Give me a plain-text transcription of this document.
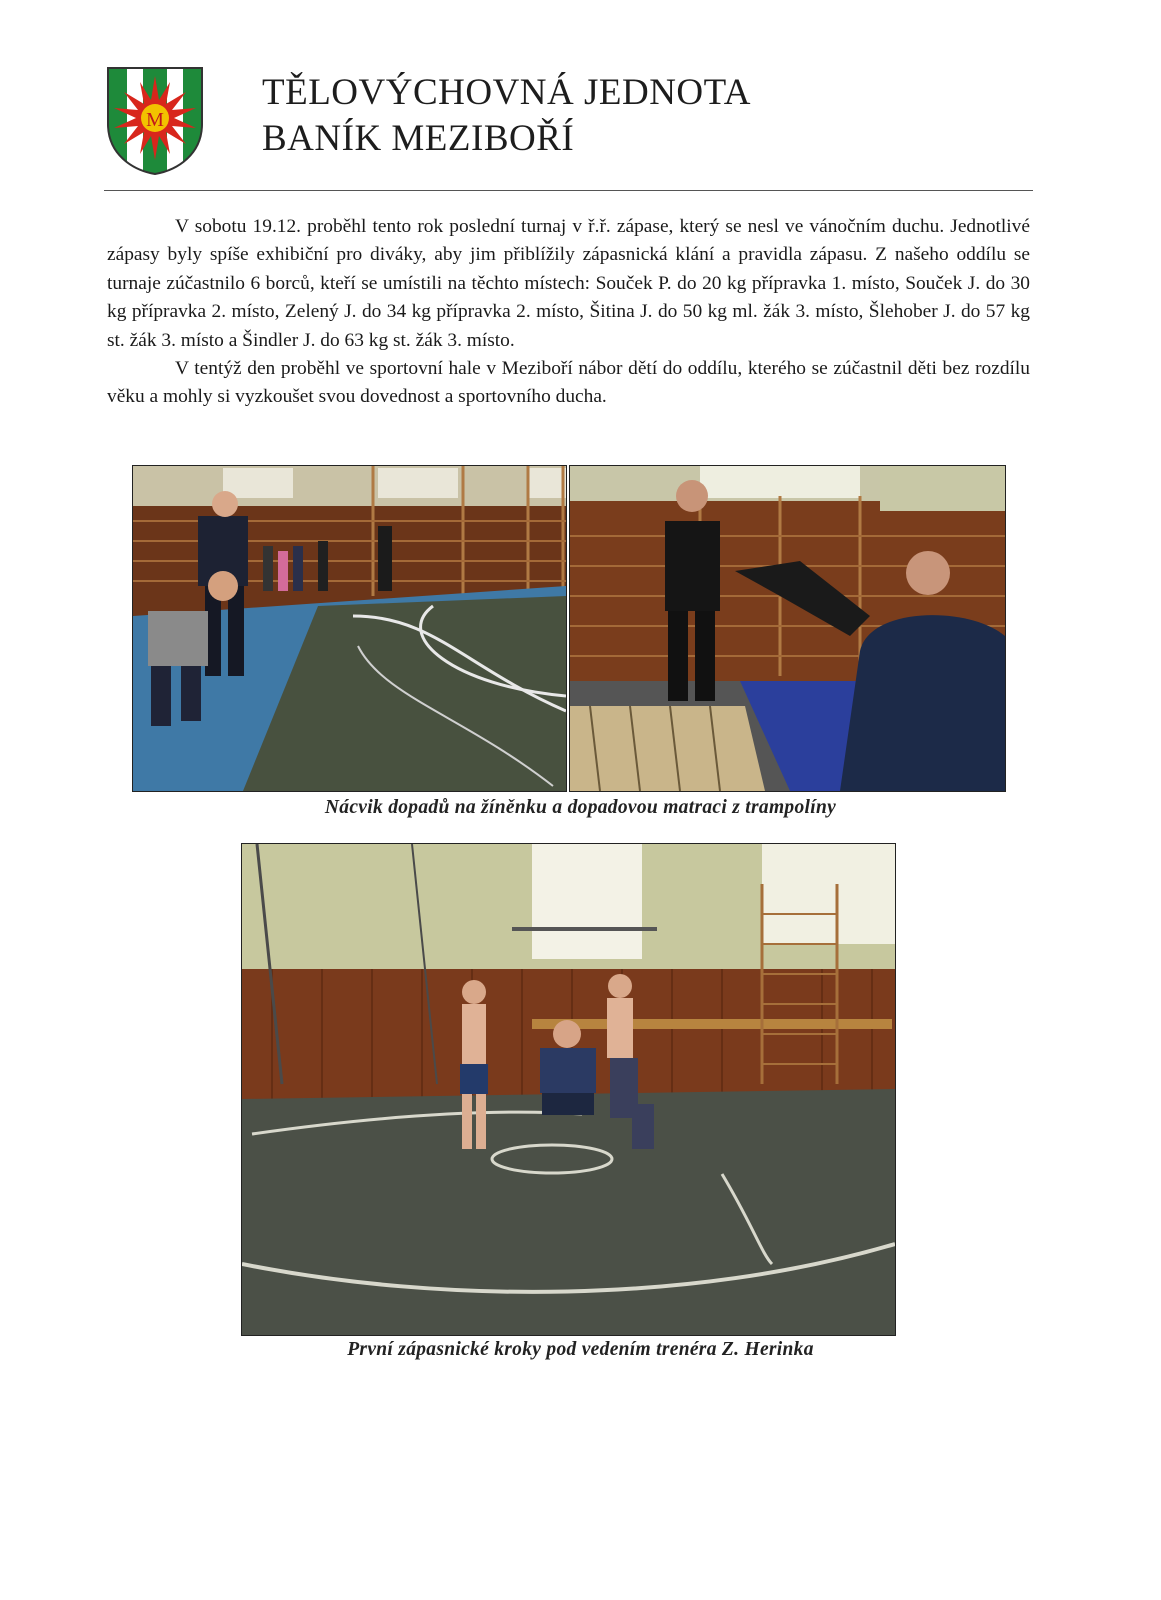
M
TĚLOVÝCHOVNÁ JEDNOTA
BANÍK MEZIBOŘÍ

V sobotu 19.12. proběhl tento rok poslední turnaj v ř.ř. zápase, který se nesl ve vánočním duchu. Jednotlivé zápasy byly spíše exhibiční pro diváky, aby jim přiblížily zápasnická klání a pravidla zápasu. Z našeho oddílu se turnaje zúčastnilo 6 borců, kteří se umístili na těchto místech: Souček P. do 20 kg přípravka 1. místo, Souček J. do 30 kg přípravka 2. místo, Zelený J. do 34 kg přípravka 2. místo, Šitina J. do 50 kg ml. žák 3. místo, Šlehober J. do 57 kg st. žák 3. místo a Šindler J. do 63 kg st. žák 3. místo.

V tentýž den proběhl ve sportovní hale v Meziboří nábor dětí do oddílu, kterého se zúčastnil děti bez rozdílu věku a mohly si vyzkoušet svou dovednost a sportovního ducha.

Nácvik dopadů na žíněnku a dopadovou matraci z trampolíny
První zápasnické kroky pod vedením trenéra Z. Herinka
